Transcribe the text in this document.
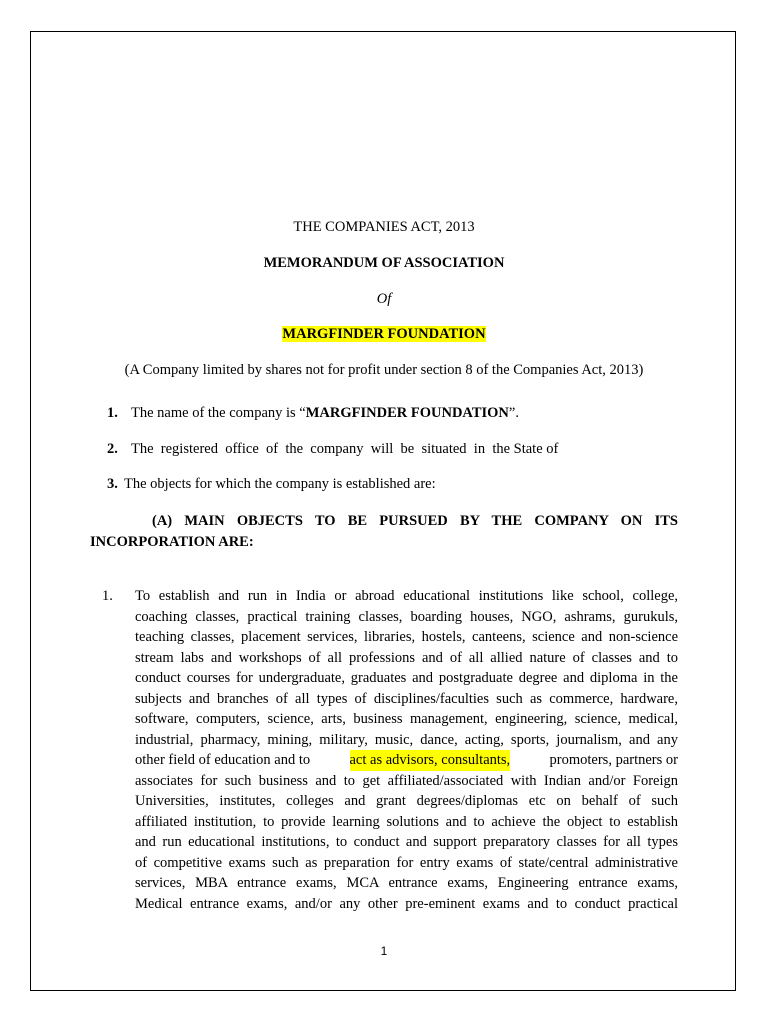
THE COMPANIES ACT, 2013
MEMORANDUM OF ASSOCIATION
Of
MARGFINDER FOUNDATION
(A Company limited by shares not for profit under section 8 of the Companies Act, 2013)
1. The name of the company is “MARGFINDER FOUNDATION”.
2. The  registered  office  of  the  company  will  be  situated  in  the State of
3. The objects for which the company is established are:
(A) MAIN OBJECTS TO BE PURSUED BY THE COMPANY ON ITS
INCORPORATION ARE:
1. To establish and run in India or abroad educational institutions like school, college,
coaching classes, practical training classes, boarding houses, NGO, ashrams, gurukuls,
teaching classes, placement services, libraries, hostels, canteens, science and non-science
stream labs and workshops of all professions and of all allied nature of classes and to
conduct courses for undergraduate, graduates and postgraduate degree and diploma in the
subjects and branches of all types of disciplines/faculties such as commerce, hardware,
software, computers, science, arts, business management, engineering, science, medical,
industrial, pharmacy, mining, military, music, dance, acting, sports, journalism, and any
other field of education and to	act as advisors, consultants,	promoters, partners or
associates for such business and to get affiliated/associated with Indian and/or Foreign
Universities, institutes, colleges and grant degrees/diplomas etc on behalf of such
affiliated institution, to provide learning solutions and to achieve the object to establish
and run educational institutions, to conduct and support preparatory classes for all types
of competitive exams such as preparation for entry exams of state/central administrative
services, MBA entrance exams, MCA entrance exams, Engineering entrance exams,
Medical entrance exams, and/or any other pre-eminent exams and to conduct practical
1
